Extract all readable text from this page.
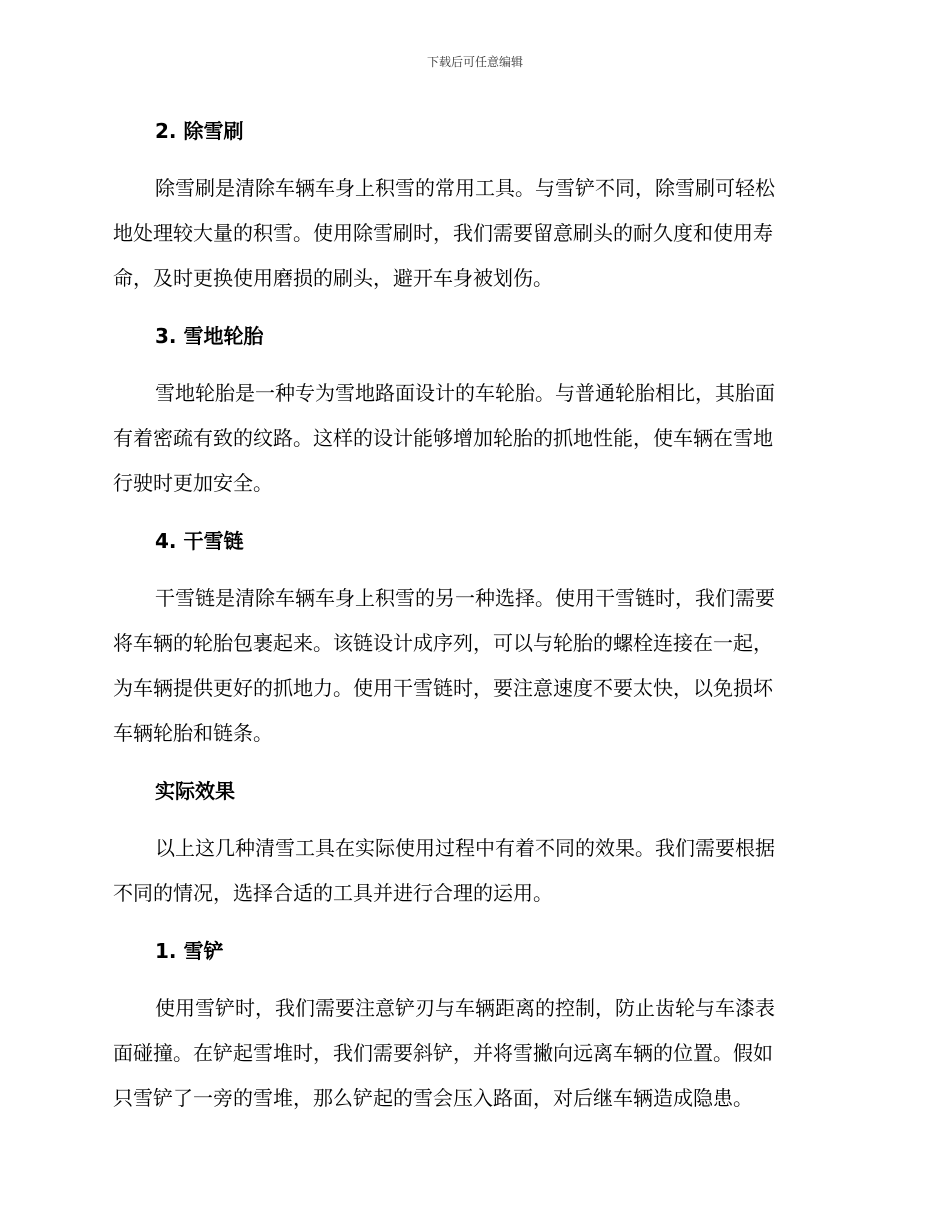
下载后可任意编辑
2. 除雪刷

除雪刷是清除车辆车身上积雪的常用工具。与雪铲不同，除雪刷可轻松
地处理较大量的积雪。使用除雪刷时，我们需要留意刷头的耐久度和使用寿
命，及时更换使用磨损的刷头，避开车身被划伤。

3. 雪地轮胎

雪地轮胎是一种专为雪地路面设计的车轮胎。与普通轮胎相比，其胎面
有着密疏有致的纹路。这样的设计能够增加轮胎的抓地性能，使车辆在雪地
行驶时更加安全。

4. 干雪链

干雪链是清除车辆车身上积雪的另一种选择。使用干雪链时，我们需要
将车辆的轮胎包裹起来。该链设计成序列，可以与轮胎的螺栓连接在一起，
为车辆提供更好的抓地力。使用干雪链时，要注意速度不要太快，以免损坏
车辆轮胎和链条。

实际效果

以上这几种清雪工具在实际使用过程中有着不同的效果。我们需要根据
不同的情况，选择合适的工具并进行合理的运用。

1. 雪铲

使用雪铲时，我们需要注意铲刃与车辆距离的控制，防止齿轮与车漆表
面碰撞。在铲起雪堆时，我们需要斜铲，并将雪撇向远离车辆的位置。假如
只雪铲了一旁的雪堆，那么铲起的雪会压入路面，对后继车辆造成隐患。
